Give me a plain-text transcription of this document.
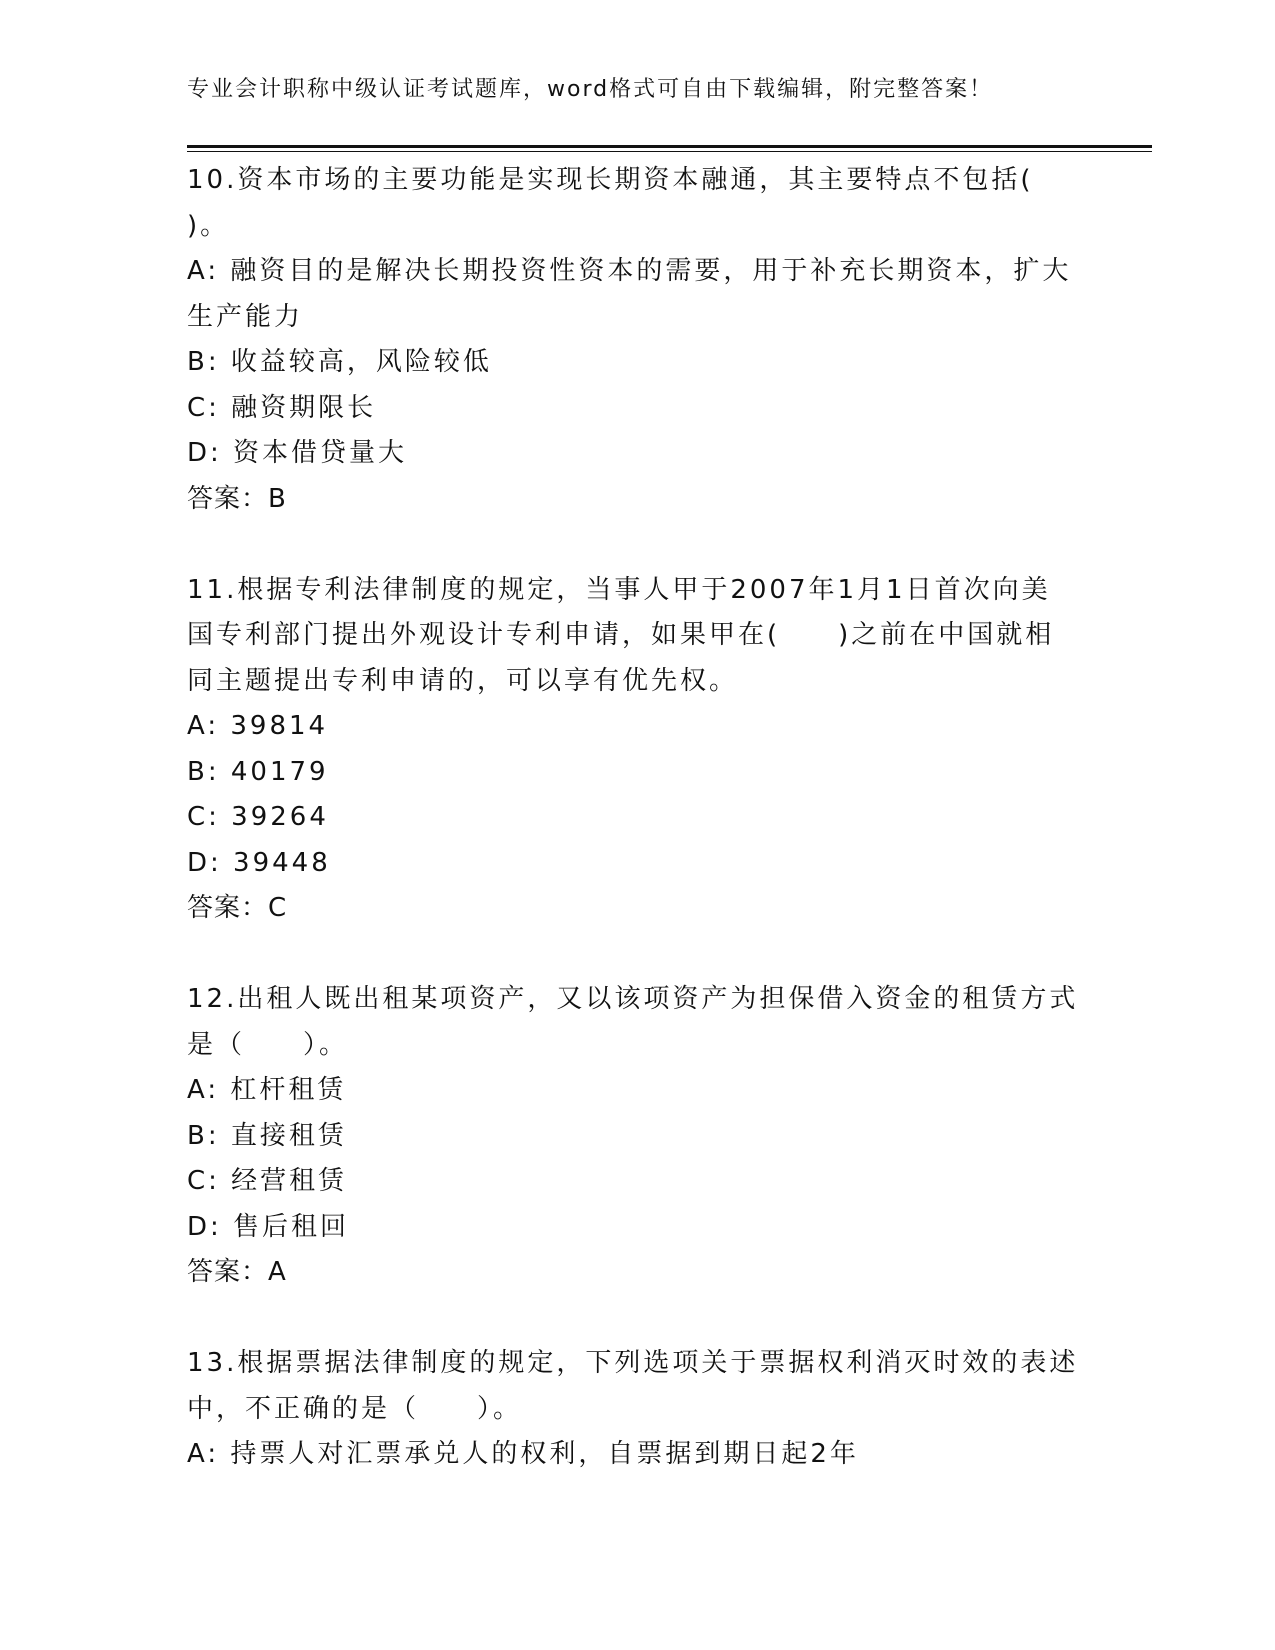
专业会计职称中级认证考试题库，word格式可自由下载编辑，附完整答案！
10.资本市场的主要功能是实现长期资本融通，其主要特点不包括(
)。
A: 融资目的是解决长期投资性资本的需要，用于补充长期资本，扩大
生产能力
B: 收益较高，风险较低
C: 融资期限长
D: 资本借贷量大
答案：B
11.根据专利法律制度的规定，当事人甲于2007年1月1日首次向美
国专利部门提出外观设计专利申请，如果甲在(　　)之前在中国就相
同主题提出专利申请的，可以享有优先权。
A: 39814
B: 40179
C: 39264
D: 39448
答案：C
12.出租人既出租某项资产，又以该项资产为担保借入资金的租赁方式
是（　　）。
A: 杠杆租赁
B: 直接租赁
C: 经营租赁
D: 售后租回
答案：A
13.根据票据法律制度的规定，下列选项关于票据权利消灭时效的表述
中，不正确的是（　　）。
A: 持票人对汇票承兑人的权利，自票据到期日起2年
